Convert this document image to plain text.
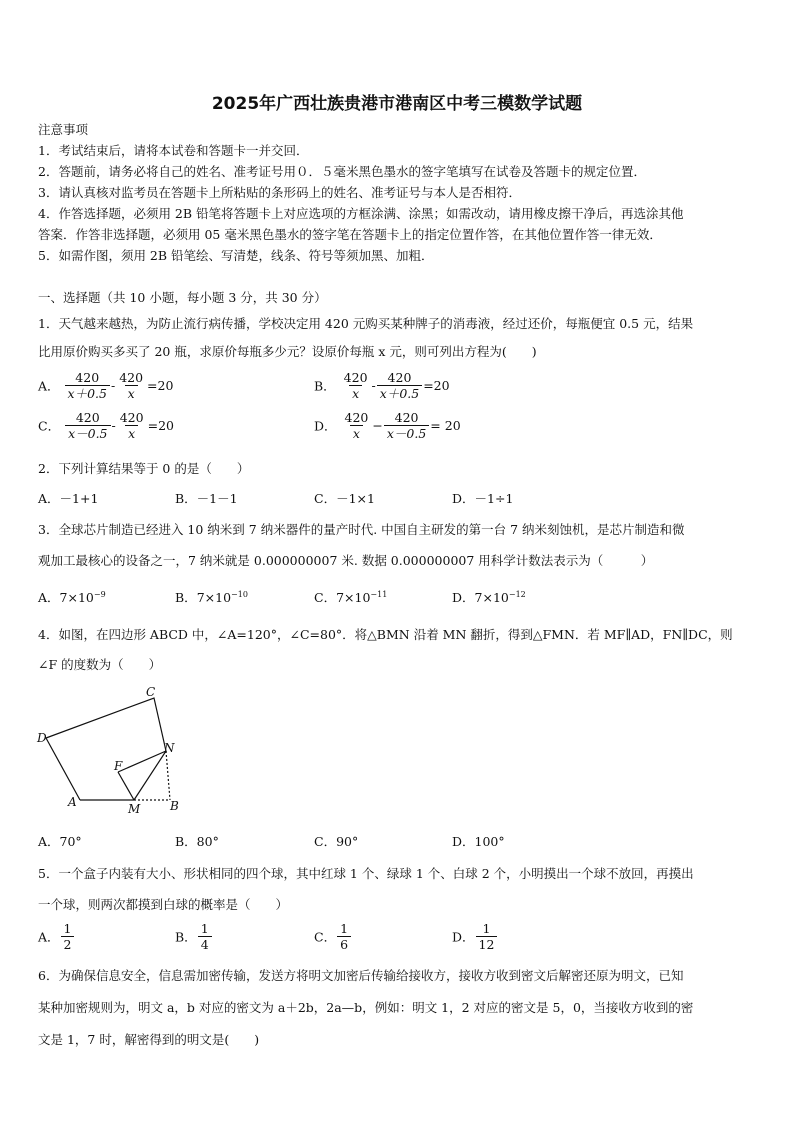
2025年广西壮族贵港市港南区中考三模数学试题
注意事项
1．考试结束后，请将本试卷和答题卡一并交回．
2．答题前，请务必将自己的姓名、准考证号用０．５毫米黑色墨水的签字笔填写在试卷及答题卡的规定位置．
3．请认真核对监考员在答题卡上所粘贴的条形码上的姓名、准考证号与本人是否相符．
4．作答选择题，必须用 2B 铅笔将答题卡上对应选项的方框涂满、涂黑；如需改动，请用橡皮擦干净后，再选涂其他
答案．作答非选择题，必须用 05 毫米黑色墨水的签字笔在答题卡上的指定位置作答，在其他位置作答一律无效．
5．如需作图，须用 2B 铅笔绘、写清楚，线条、符号等须加黑、加粗．
一、选择题（共 10 小题，每小题 3 分，共 30 分）
1．天气越来越热，为防止流行病传播，学校决定用 420 元购买某种牌子的消毒液，经过还价，每瓶便宜 0.5 元，结果
比用原价购买多买了 20 瓶，求原价每瓶多少元？设原价每瓶 x 元，则可列出方程为(　　)
A． $\frac{420}{x+0.5} - \frac{420}{x} =20$	B． $\frac{420}{x} - \frac{420}{x+0.5} =20$
C． $\frac{420}{x-0.5} - \frac{420}{x} =20$	D． $\frac{420}{x} - \frac{420}{x-0.5} = 20$
2．下列计算结果等于 0 的是（　　）
A．－1+1	B．－1－1	C．－1×1	D．－1÷1
3．全球芯片制造已经进入 10 纳米到 7 纳米器件的量产时代. 中国自主研发的第一台 7 纳米刻蚀机，是芯片制造和微
观加工最核心的设备之一，7 纳米就是 0.000000007 米. 数据 0.000000007 用科学计数法表示为（　　　）
A．$7\times 10^{-9}$	B．$7\times 10^{-10}$	C．$7\times 10^{-11}$	D．$7\times 10^{-12}$
4．如图，在四边形 ABCD 中，∠A=120°，∠C=80°．将△BMN 沿着 MN 翻折，得到△FMN．若 MF∥AD，FN∥DC，则
∠F 的度数为（　　）
C
D
N
F
A	M B
A．70°	B．80°	C．90°	D．100°
5．一个盒子内装有大小、形状相同的四个球，其中红球 1 个、绿球 1 个、白球 2 个，小明摸出一个球不放回，再摸出
一个球，则两次都摸到白球的概率是（　　）
A． $\frac{1}{2}$	B． $\frac{1}{4}$	C． $\frac{1}{6}$	D． $\frac{1}{12}$
6．为确保信息安全，信息需加密传输，发送方将明文加密后传输给接收方，接收方收到密文后解密还原为明文，已知
某种加密规则为，明文 a，b 对应的密文为 a＋2b，2a—b，例如：明文 1，2 对应的密文是 5，0，当接收方收到的密
文是 1，7 时，解密得到的明文是(　　)
